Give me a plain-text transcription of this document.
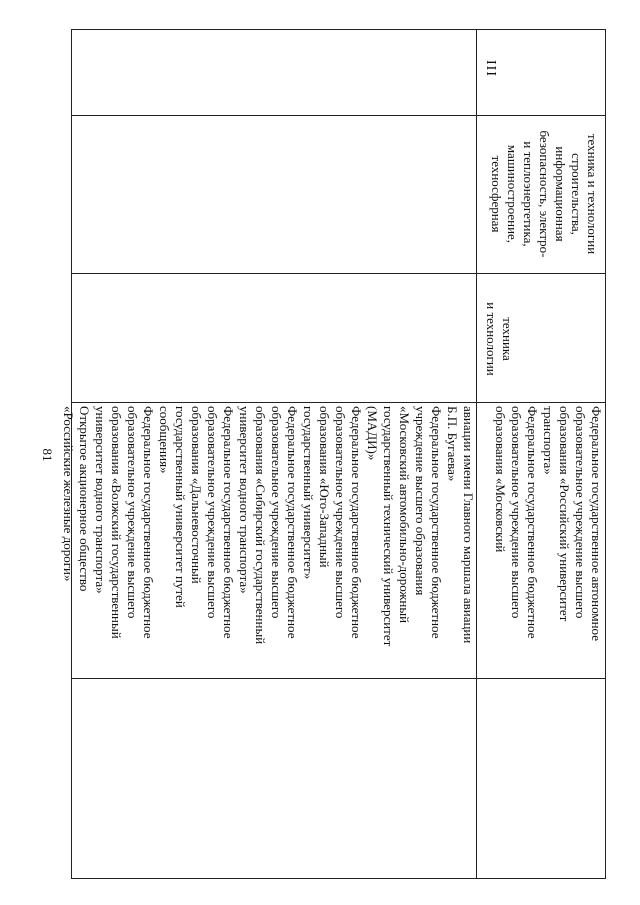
81	авиации имени Главного маршала авиации
Б.П. Бугаева»
Федеральное государственное бюджетное
учреждение высшего образования
«Московский автомобильно-дорожный
государственный технический университет
(МАДИ)»
Федеральное государственное бюджетное
образовательное учреждение высшего
образования «Юго-Западный
государственный университет»
Федеральное государственное бюджетное
образовательное учреждение высшего
образования «Сибирский государственный
университет водного транспорта»
Федеральное государственное бюджетное
образовательное учреждение высшего
образования «Дальневосточный
государственный университет путей
сообщения»
Федеральное государственное бюджетное
образовательное учреждение высшего
образования «Волжский государственный
университет водного транспорта»
Открытое акционерное общество
«Российские железные дороги»	Федеральное государственное автономное
образовательное учреждение высшего
образования «Российский университет
транспорта»
Федеральное государственное бюджетное
образовательное учреждение высшего
образования «Московский
техника
и технологии
техника и технологии
строительства,
информационная
безопасность, электро-
и теплоэнергетика,
машиностроение,
техносферная
III
